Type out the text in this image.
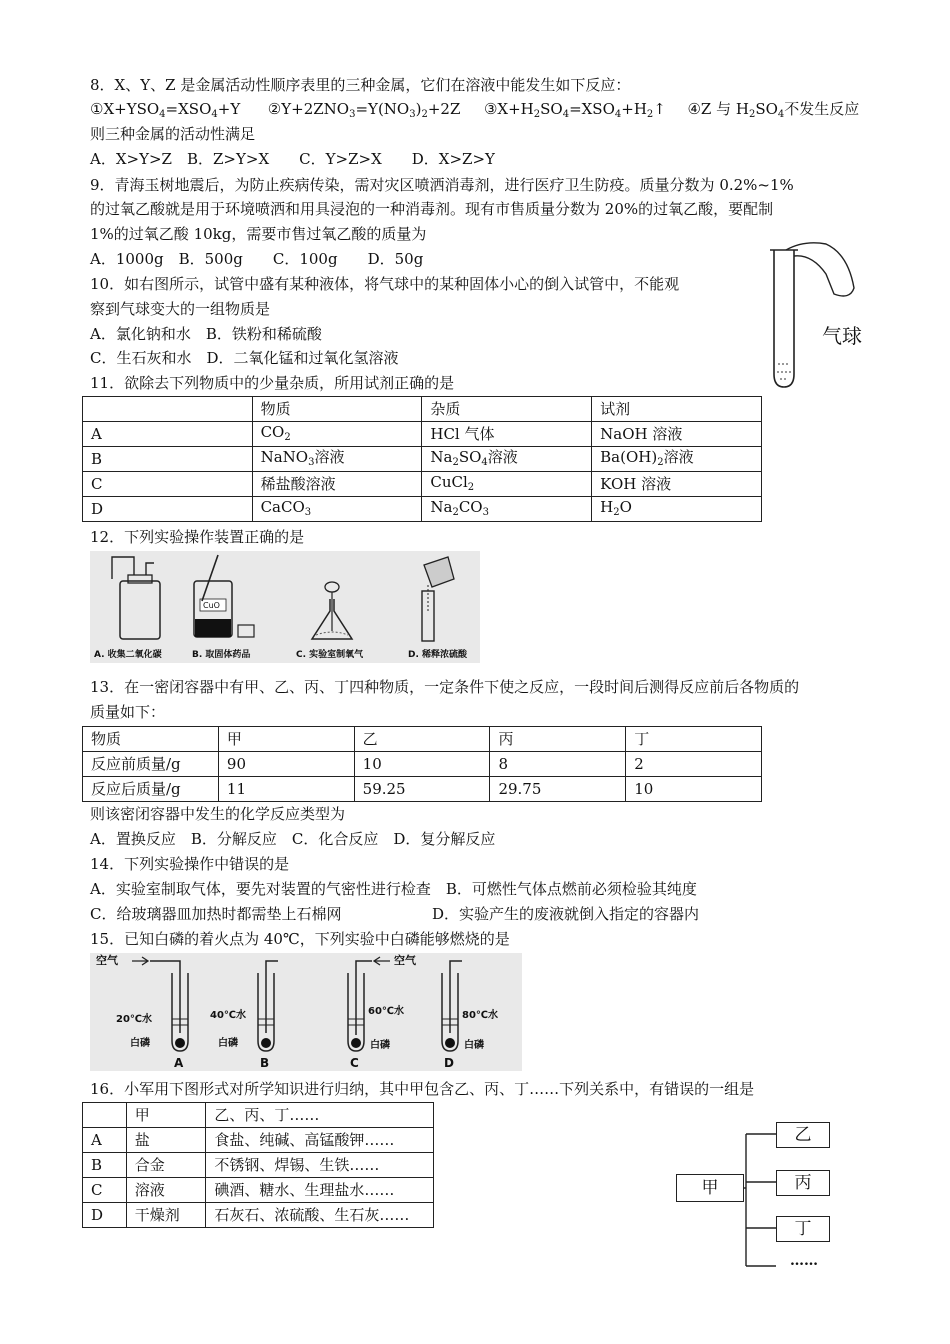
8．X、Y、Z 是金属活动性顺序表里的三种金属，它们在溶液中能发生如下反应：
$①X+YSO_4=XSO_4+Y$ $②Y+2ZNO_3=Y(NO_3)_2+2Z$ $③X+H_2SO_4=XSO_4+H_2↑$ ④Z 与 $H_2SO_4$不发生反应
则三种金属的活动性满足
A．X>Y>Z　B．Z>Y>X　　C．Y>Z>X　　D．X>Z>Y
9．青海玉树地震后，为防止疾病传染，需对灾区喷洒消毒剂，进行医疗卫生防疫。质量分数为 0.2%~1%
的过氧乙酸就是用于环境喷洒和用具浸泡的一种消毒剂。现有市售质量分数为 20%的过氧乙酸，要配制
1%的过氧乙酸 10kg，需要市售过氧乙酸的质量为
A．1000g　B．500g　　C．100g　　D．50g
10．如右图所示，试管中盛有某种液体，将气球中的某种固体小心的倒入试管中，不能观
察到气球变大的一组物质是
A．氯化钠和水　B．铁粉和稀硫酸
C．生石灰和水　D．二氧化锰和过氧化氢溶液
气球
11．欲除去下列物质中的少量杂质，所用试剂正确的是
	物质	杂质	试剂
A	$CO_2$	HCl 气体	NaOH 溶液
B	NaNO$_3$溶液	$Na_2SO_4$溶液	$Ba(OH)_2$溶液
C	稀盐酸溶液	CuCl$_2$	KOH 溶液
D	CaCO$_3$	$Na_2CO_3$	$H_2O$
12．下列实验操作装置正确的是
A. 收集二氧化碳	B. 取固体药品	C. 实验室制氧气	D. 稀释浓硫酸
CuO
13．在一密闭容器中有甲、乙、丙、丁四种物质，一定条件下使之反应，一段时间后测得反应前后各物质的
质量如下：
物质	甲	乙	丙	丁
反应前质量/g	90	10	8	2
反应后质量/g	11	59.25	29.75	10
则该密闭容器中发生的化学反应类型为
A．置换反应　B．分解反应　C．化合反应　D．复分解反应
14．下列实验操作中错误的是
A．实验室制取气体，要先对装置的气密性进行检查　B．可燃性气体点燃前必须检验其纯度
C．给玻璃器皿加热时都需垫上石棉网	D．实验产生的废液就倒入指定的容器内
15．已知白磷的着火点为 40℃，下列实验中白磷能够燃烧的是
空气	空气
20℃水	40℃水	60℃水	80℃水
白磷	白磷	白磷	白磷
A	B	C	D
16．小军用下图形式对所学知识进行归纳，其中甲包含乙、丙、丁……下列关系中，有错误的一组是
	甲	乙、丙、丁……
A	盐	食盐、纯碱、高锰酸钾……
B	合金	不锈钢、焊锡、生铁……
C	溶液	碘酒、糖水、生理盐水……
D	干燥剂	石灰石、浓硫酸、生石灰……
甲
乙
丙
丁
……
